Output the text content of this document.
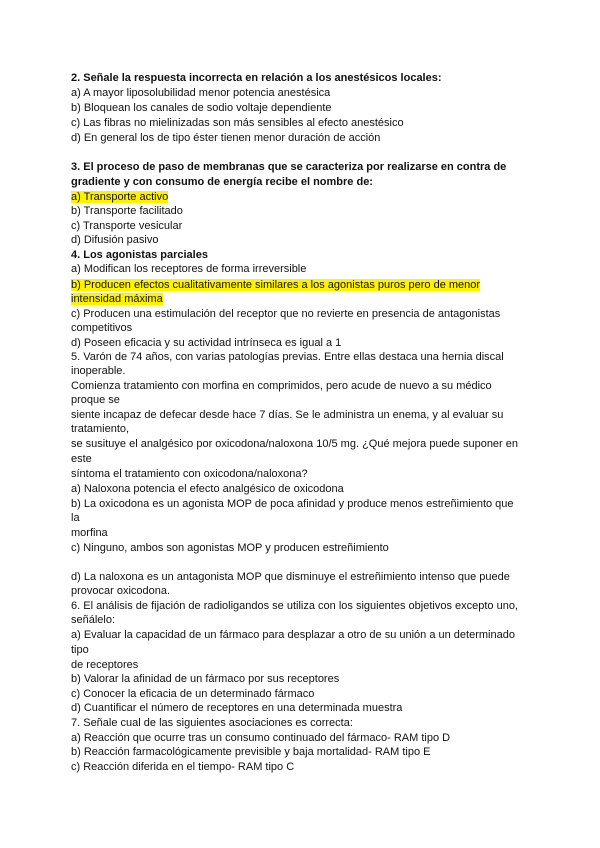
2. Señale la respuesta incorrecta en relación a los anestésicos locales:
a) A mayor liposolubilidad menor potencia anestésica
b) Bloquean los canales de sodio voltaje dependiente
c) Las fibras no mielinizadas son más sensibles al efecto anestésico
d) En general los de tipo éster tienen menor duración de acción
3. El proceso de paso de membranas que se caracteriza por realizarse en contra de
gradiente y con consumo de energía recibe el nombre de:
a) Transporte activo
b) Transporte facilitado
c) Transporte vesicular
d) Difusión pasivo
4. Los agonistas parciales
a) Modifican los receptores de forma irreversible
b) Producen efectos cualitativamente similares a los agonistas puros pero de menor
intensidad máxima
c) Producen una estimulación del receptor que no revierte en presencia de antagonistas
competitivos
d) Poseen eficacia y su actividad intrínseca es igual a 1
5. Varón de 74 años, con varias patologías previas. Entre ellas destaca una hernia discal
inoperable.
Comienza tratamiento con morfina en comprimidos, pero acude de nuevo a su médico
proque se
siente incapaz de defecar desde hace 7 días. Se le administra un enema, y al evaluar su
tratamiento,
se susituye el analgésico por oxicodona/naloxona 10/5 mg. ¿Qué mejora puede suponer en
este
síntoma el tratamiento con oxicodona/naloxona?
a) Naloxona potencia el efecto analgésico de oxicodona
b) La oxicodona es un agonista MOP de poca afinidad y produce menos estreñimiento que
la
morfina
c) Ninguno, ambos son agonistas MOP y producen estreñimiento
d) La naloxona es un antagonista MOP que disminuye el estreñimiento intenso que puede
provocar oxicodona.
6. El análisis de fijación de radioligandos se utiliza con los siguientes objetivos excepto uno,
señálelo:
a) Evaluar la capacidad de un fármaco para desplazar a otro de su unión a un determinado
tipo
de receptores
b) Valorar la afinidad de un fármaco por sus receptores
c) Conocer la eficacia de un determinado fármaco
d) Cuantificar el número de receptores en una determinada muestra
7. Señale cual de las siguientes asociaciones es correcta:
a) Reacción que ocurre tras un consumo continuado del fármaco- RAM tipo D
b) Reacción farmacológicamente previsible y baja mortalidad- RAM tipo E
c) Reacción diferida en el tiempo- RAM tipo C
